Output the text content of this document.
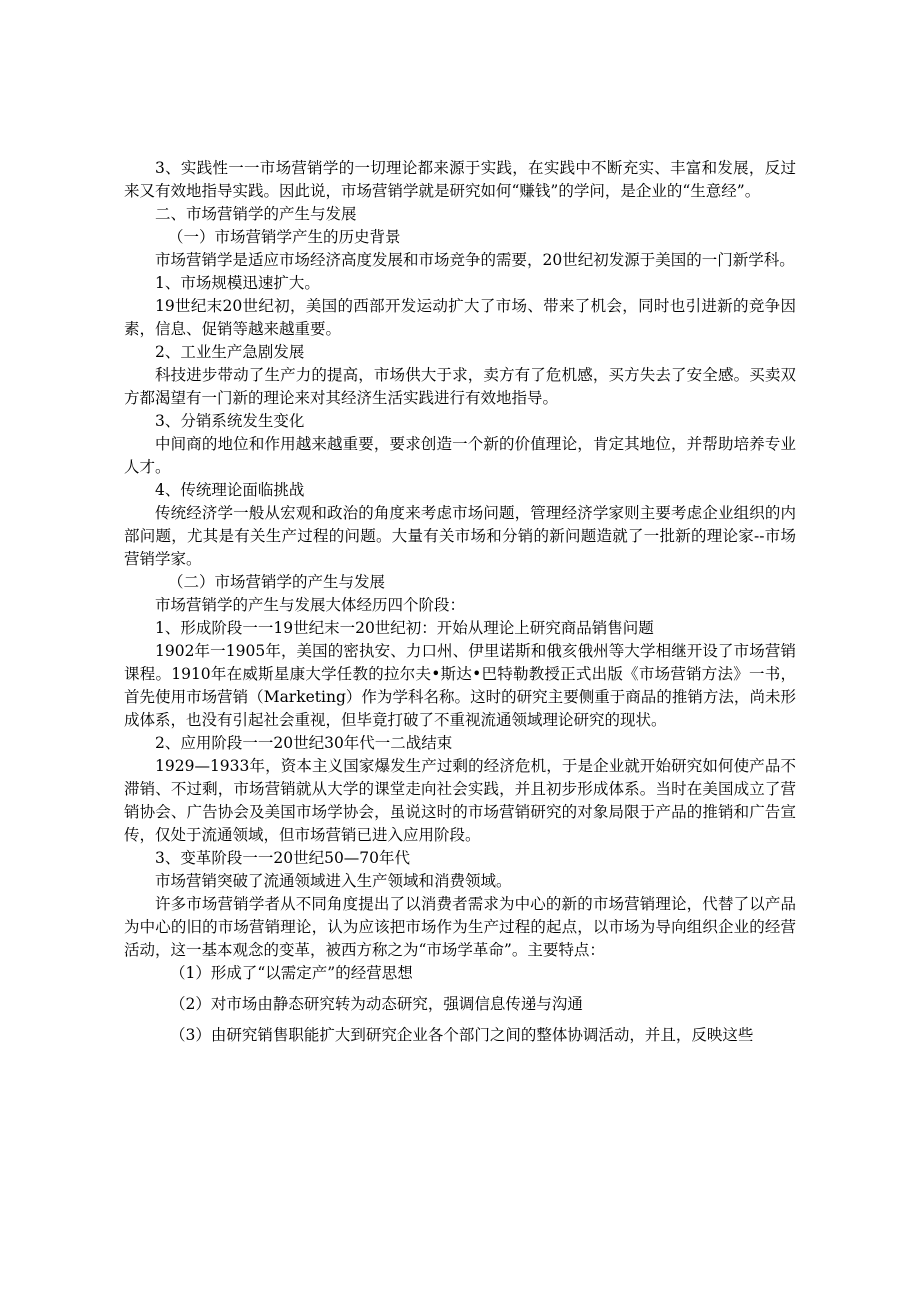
3、实践性一一市场营销学的一切理论都来源于实践，在实践中不断充实、丰富和发展，反过来又有效地指导实践。因此说，市场营销学就是研究如何“赚钱”的学问，是企业的“生意经”。

二、市场营销学的产生与发展

（一）市场营销学产生的历史背景

市场营销学是适应市场经济高度发展和市场竞争的需要，20世纪初发源于美国的一门新学科。

1、市场规模迅速扩大。

19世纪末20世纪初，美国的西部开发运动扩大了市场、带来了机会，同时也引进新的竞争因素，信息、促销等越来越重要。

2、工业生产急剧发展

科技进步带动了生产力的提高，市场供大于求，卖方有了危机感，买方失去了安全感。买卖双方都渴望有一门新的理论来对其经济生活实践进行有效地指导。

3、分销系统发生变化

中间商的地位和作用越来越重要，要求创造一个新的价值理论，肯定其地位，并帮助培养专业人才。

4、传统理论面临挑战

传统经济学一般从宏观和政治的角度来考虑市场问题，管理经济学家则主要考虑企业组织的内部问题，尤其是有关生产过程的问题。大量有关市场和分销的新问题造就了一批新的理论家--市场营销学家。

（二）市场营销学的产生与发展

市场营销学的产生与发展大体经历四个阶段：

1、形成阶段一一19世纪末一20世纪初：开始从理论上研究商品销售问题

1902年一1905年，美国的密执安、力口州、伊里诺斯和俄亥俄州等大学相继开设了市场营销课程。1910年在威斯星康大学任教的拉尔夫•斯达•巴特勒教授正式出版《市场营销方法》一书，首先使用市场营销（Marketing）作为学科名称。这时的研究主要侧重于商品的推销方法，尚未形成体系，也没有引起社会重视，但毕竟打破了不重视流通领域理论研究的现状。

2、应用阶段一一20世纪30年代一二战结束

1929—1933年，资本主义国家爆发生产过剩的经济危机，于是企业就开始研究如何使产品不滞销、不过剩，市场营销就从大学的课堂走向社会实践，并且初步形成体系。当时在美国成立了营销协会、广告协会及美国市场学协会，虽说这时的市场营销研究的对象局限于产品的推销和广告宣传，仅处于流通领域，但市场营销已进入应用阶段。

3、变革阶段一一20世纪50—70年代

市场营销突破了流通领域进入生产领域和消费领域。

许多市场营销学者从不同角度提出了以消费者需求为中心的新的市场营销理论，代替了以产品为中心的旧的市场营销理论，认为应该把市场作为生产过程的起点，以市场为导向组织企业的经营活动，这一基本观念的变革，被西方称之为“市场学革命”。主要特点：

（1）形成了“以需定产”的经营思想
（2）对市场由静态研究转为动态研究，强调信息传递与沟通
（3）由研究销售职能扩大到研究企业各个部门之间的整体协调活动，并且，反映这些
